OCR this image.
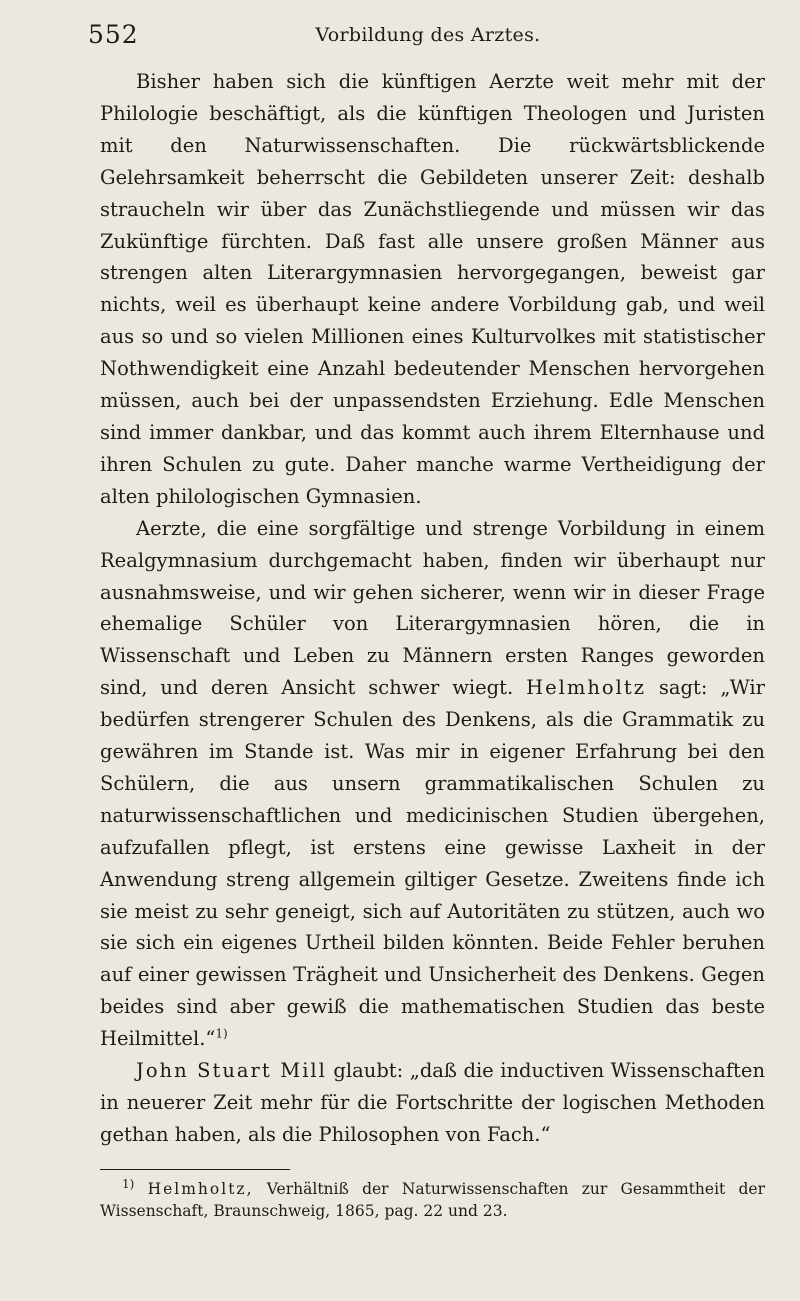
552	Vorbildung des Arztes.

Bisher haben sich die künftigen Aerzte weit mehr mit der Philologie beschäftigt, als die künftigen Theologen und Juristen mit den Naturwissenschaften. Die rückwärtsblickende Gelehrsamkeit beherrscht die Gebildeten unserer Zeit: deshalb straucheln wir über das Zunächstliegende und müssen wir das Zukünftige fürchten. Daß fast alle unsere großen Männer aus strengen alten Literargymnasien hervorgegangen, beweist gar nichts, weil es überhaupt keine andere Vorbildung gab, und weil aus so und so vielen Millionen eines Kulturvolkes mit statistischer Nothwendigkeit eine Anzahl bedeutender Menschen hervorgehen müssen, auch bei der unpassendsten Erziehung. Edle Menschen sind immer dankbar, und das kommt auch ihrem Elternhause und ihren Schulen zu gute. Daher manche warme Vertheidigung der alten philologischen Gymnasien.

Aerzte, die eine sorgfältige und strenge Vorbildung in einem Realgymnasium durchgemacht haben, finden wir überhaupt nur ausnahmsweise, und wir gehen sicherer, wenn wir in dieser Frage ehemalige Schüler von Literargymnasien hören, die in Wissenschaft und Leben zu Männern ersten Ranges geworden sind, und deren Ansicht schwer wiegt. Helmholtz sagt: „Wir bedürfen strengerer Schulen des Denkens, als die Grammatik zu gewähren im Stande ist. Was mir in eigener Erfahrung bei den Schülern, die aus unsern grammatikalischen Schulen zu naturwissenschaftlichen und medicinischen Studien übergehen, aufzufallen pflegt, ist erstens eine gewisse Laxheit in der Anwendung streng allgemein giltiger Gesetze. Zweitens finde ich sie meist zu sehr geneigt, sich auf Autoritäten zu stützen, auch wo sie sich ein eigenes Urtheil bilden könnten. Beide Fehler beruhen auf einer gewissen Trägheit und Unsicherheit des Denkens. Gegen beides sind aber gewiß die mathematischen Studien das beste Heilmittel.“$^{1)}$

John Stuart Mill glaubt: „daß die inductiven Wissenschaften in neuerer Zeit mehr für die Fortschritte der logischen Methoden gethan haben, als die Philosophen von Fach.“

$^{1)}$ Helmholtz, Verhältniß der Naturwissenschaften zur Gesammtheit der Wissenschaft, Braunschweig, 1865, pag. 22 und 23.
